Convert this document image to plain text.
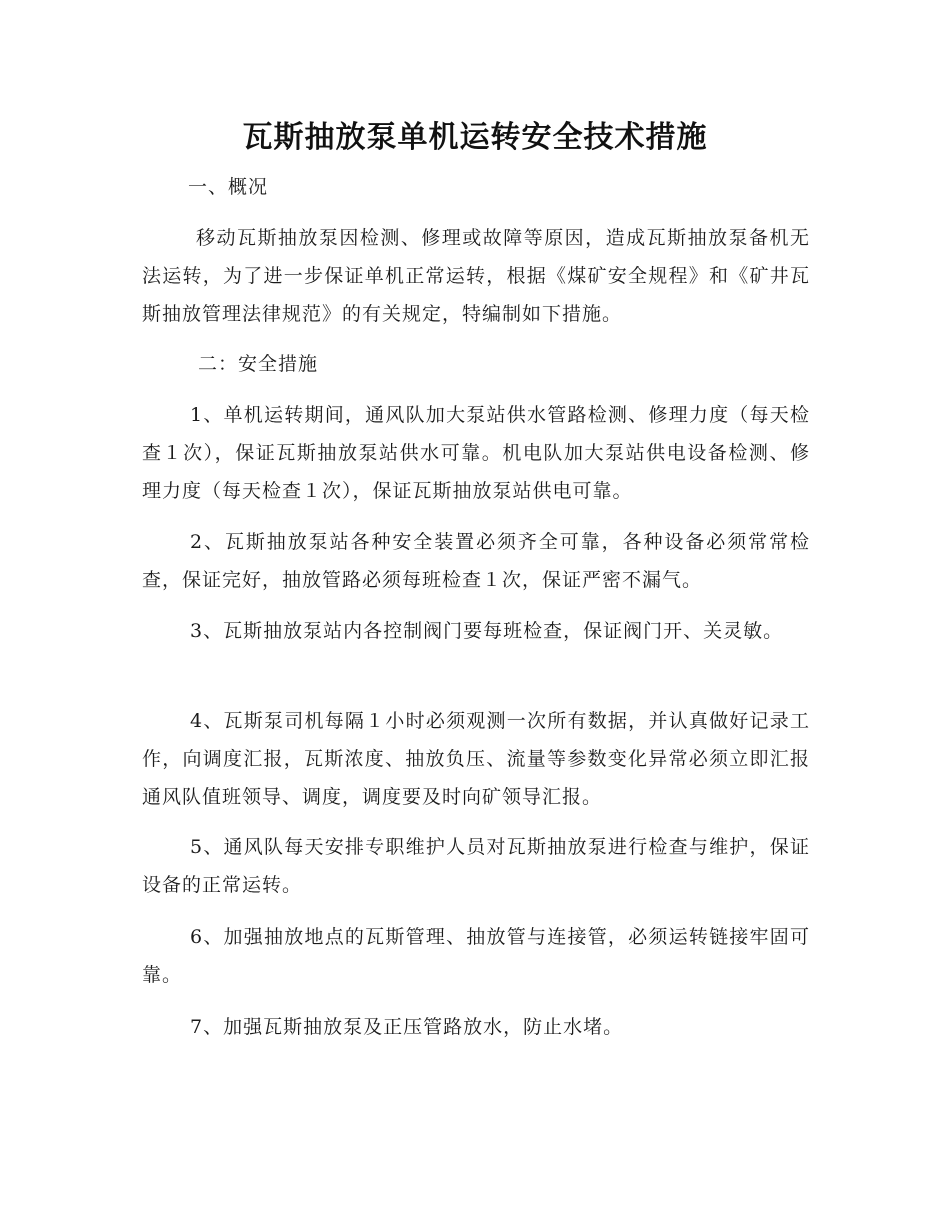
瓦斯抽放泵单机运转安全技术措施

一、概况

移动瓦斯抽放泵因检测、修理或故障等原因，造成瓦斯抽放泵备机无法运转，为了进一步保证单机正常运转，根据《煤矿安全规程》和《矿井瓦斯抽放管理法律规范》的有关规定，特编制如下措施。

二：安全措施

1、单机运转期间，通风队加大泵站供水管路检测、修理力度（每天检查１次），保证瓦斯抽放泵站供水可靠。机电队加大泵站供电设备检测、修理力度（每天检查１次），保证瓦斯抽放泵站供电可靠。

2、瓦斯抽放泵站各种安全装置必须齐全可靠，各种设备必须常常检查，保证完好，抽放管路必须每班检查１次，保证严密不漏气。

3、瓦斯抽放泵站内各控制阀门要每班检查，保证阀门开、关灵敏。

4、瓦斯泵司机每隔１小时必须观测一次所有数据，并认真做好记录工作，向调度汇报，瓦斯浓度、抽放负压、流量等参数变化异常必须立即汇报通风队值班领导、调度，调度要及时向矿领导汇报。

5、通风队每天安排专职维护人员对瓦斯抽放泵进行检查与维护，保证设备的正常运转。

6、加强抽放地点的瓦斯管理、抽放管与连接管，必须运转链接牢固可靠。

7、加强瓦斯抽放泵及正压管路放水，防止水堵。
